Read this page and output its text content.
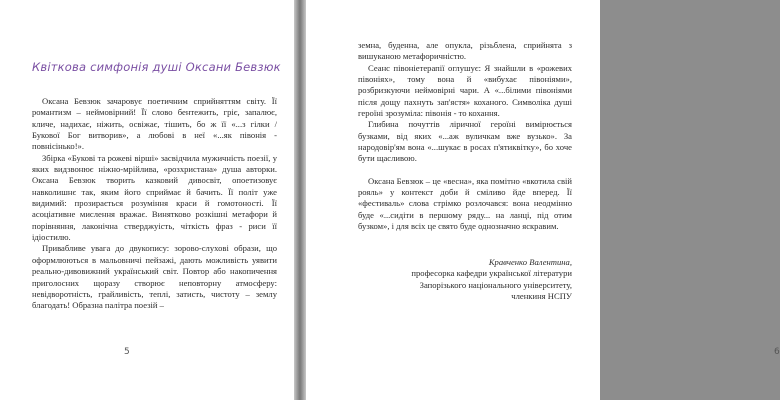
Квіткова симфонія душі Оксани Бевзюк

Оксана Бевзюк зачаровує поетичним сприйняттям світу. Її романтизм – неймовірний! Її слово бентежить, гріє, запалює, кличе, надихає, ніжить, освіжає, тішить, бо ж її «...з гілки / Букової Бог витворив», а любові в неї «...як півонія - повнісінько!».

Збірка «Букові та рожеві вірші» засвідчила мужичність поезії, у яких видзвонює ніжно-мрійлива, «розхристана» душа авторки. Оксана Бевзюк творить казковий дивосвіт, опоетизовує навколишнє так, яким його сприймає й бачить. Її політ уже видимий: прозирається розуміння краси й гомотоності. Її асоціативне мислення вражає. Винятково розкішні метафори й порівняння, лаконічна стверджуість, чіткість фраз - риси її ідіостилю.

Привабливе увага до двукопису: зорово-слухові образи, що оформлюються в мальовничі пейзажі, дають можливість уявити реально-дивовижний український світ. Повтор або накопичення приголосних щоразу створює неповторну атмосферу: невідворотність, грайливість, теплі, затисть, чистоту – землу благодать! Образна палітра поезій –

5	6

земна, буденна, але опукла, різьблена, сприйнята з вишуканою метафоричністю.

Сеанс півоніетерапії оглушує: Я знайшли в «рожевих півоніях», тому вона й «вибухає півоніями», розбризкуючи неймовірні чари. А «...білими півоніями після дощу пахнуть зап'ястя» коханого. Символіка душі героїні зрозуміла: півонія - то кохання.

Глибина почуттів ліричної героїні вимірюється бузками, від яких «...аж вуличкам вже вузько». За народовір'ям вона «...шукає в росах п'ятиквітку», бо хоче бути щасливою.

Оксана Бевзюк – це «весна», яка помітно «вкотила свій рояль» у контекст доби й сміливо йде вперед. Її «фестиваль» слова стрімко розлочався: вона неодмінно буде «...сидіти в першому ряду... на ланці, під отим бузком», і для всіх це свято буде однозначно яскравим.

Кравченко Валентина,
професорка кафедри української літератури
Запорізького національного університету,
членкиня НСПУ
